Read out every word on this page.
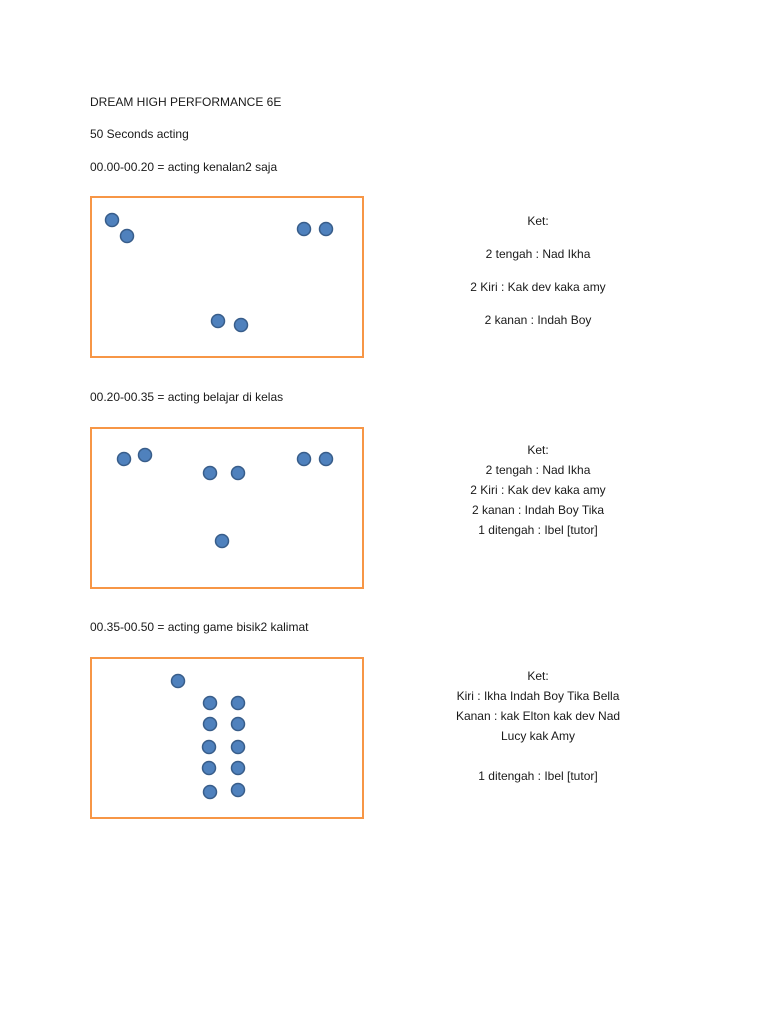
DREAM HIGH PERFORMANCE 6E
50 Seconds acting
00.00-00.20 = acting kenalan2 saja
Ket:
2 tengah : Nad Ikha
2 Kiri : Kak dev kaka amy
2 kanan : Indah Boy
00.20-00.35 = acting belajar di kelas
Ket:
2 tengah : Nad Ikha
2 Kiri : Kak dev kaka amy
2 kanan : Indah Boy Tika
1 ditengah : Ibel [tutor]
00.35-00.50 = acting game bisik2 kalimat
Ket:
Kiri : Ikha Indah Boy Tika Bella
Kanan : kak Elton kak dev Nad
Lucy kak Amy
1 ditengah : Ibel [tutor]
